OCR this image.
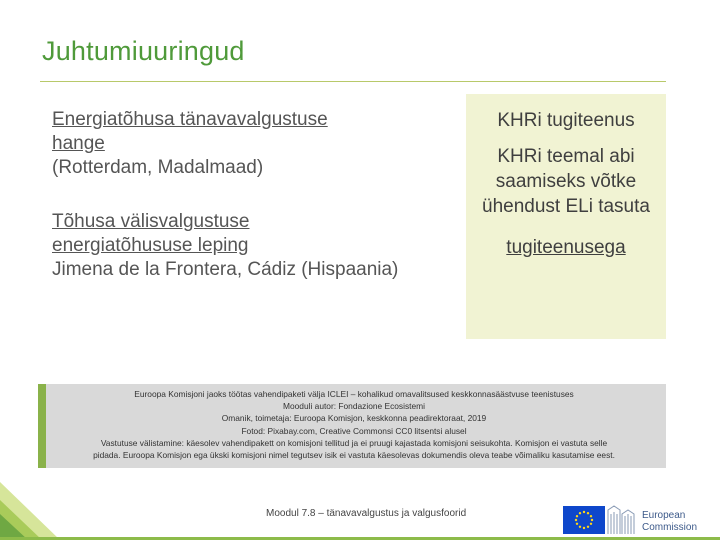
Juhtumiuuringud
Energiatõhusa tänavavalgustuse hange
(Rotterdam, Madalmaad)
Tõhusa välisvalgustuse energiatõhususe leping
Jimena de la Frontera, Cádiz (Hispaania)
KHRi tugiteenus
KHRi teemal abi saamiseks võtke ühendust ELi tasuta
tugiteenusega
Euroopa Komisjoni jaoks töötas vahendipaketi välja ICLEI – kohalikud omavalitsused keskkonnasäästvuse teenistuses
Mooduli autor: Fondazione Ecosistemi
Omanik, toimetaja: Euroopa Komisjon, keskkonna peadirektoraat, 2019
Fotod: Pixabay.com, Creative Commonsi CC0 litsentsi alusel
Vastutuse välistamine: käesolev vahendipakett on komisjoni tellitud ja ei pruugi kajastada komisjoni seisukohta. Komisjon ei vastuta selle
pidada. Euroopa Komisjon ega ükski komisjoni nimel tegutsev isik ei vastuta käesolevas dokumendis oleva teabe võimaliku kasutamise eest.
Moodul 7.8 – tänavavalgustus ja valgusfoorid	European
Commission
